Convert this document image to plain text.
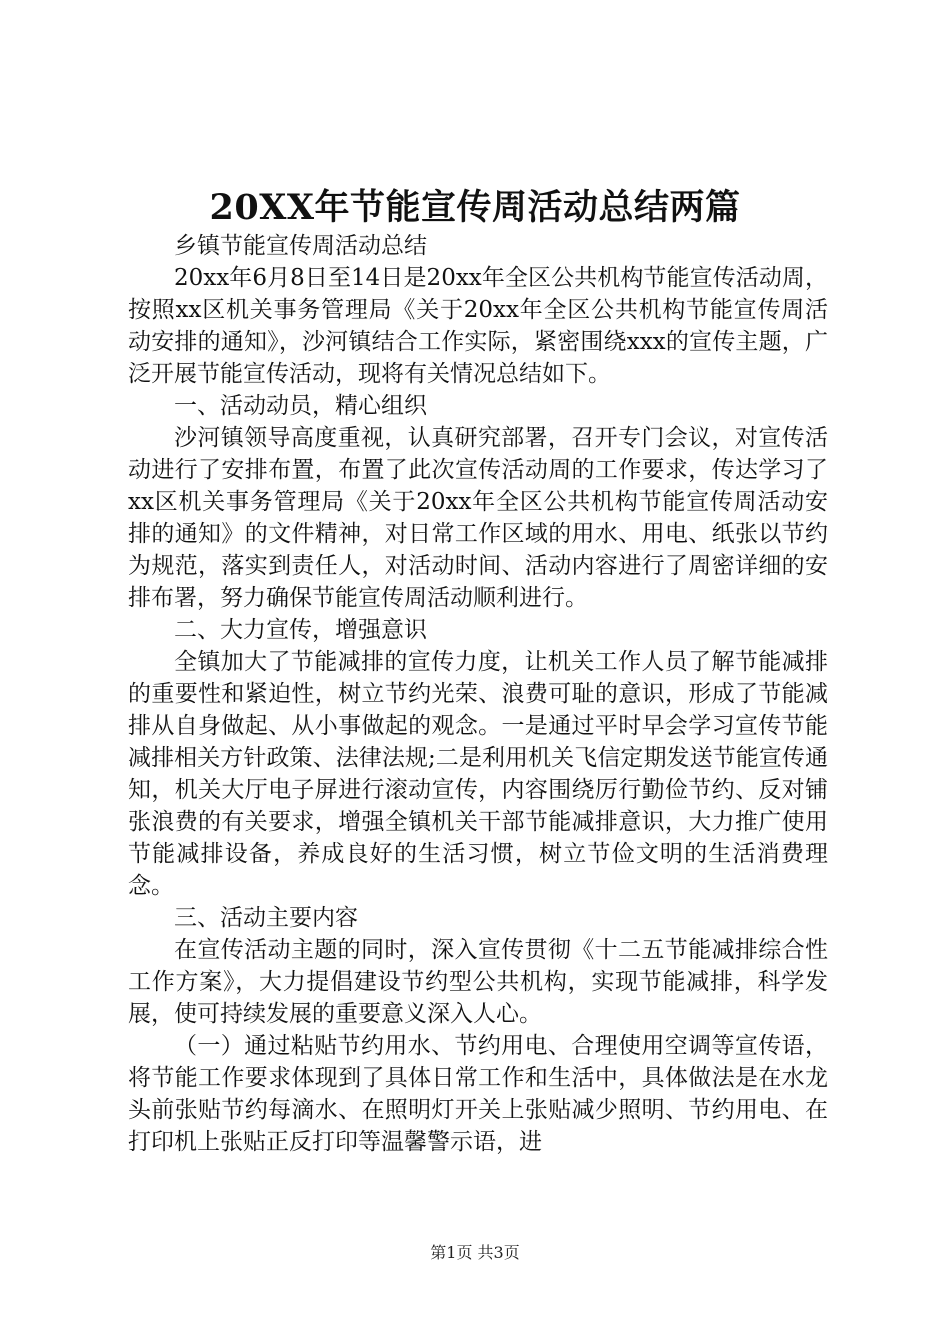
20XX年节能宣传周活动总结两篇

乡镇节能宣传周活动总结

20xx年6月8日至14日是20xx年全区公共机构节能宣传活动周，按照xx区机关事务管理局《关于20xx年全区公共机构节能宣传周活动安排的通知》，沙河镇结合工作实际，紧密围绕xxx的宣传主题，广泛开展节能宣传活动，现将有关情况总结如下。

一、活动动员，精心组织

沙河镇领导高度重视，认真研究部署，召开专门会议，对宣传活动进行了安排布置，布置了此次宣传活动周的工作要求，传达学习了xx区机关事务管理局《关于20xx年全区公共机构节能宣传周活动安排的通知》的文件精神，对日常工作区域的用水、用电、纸张以节约为规范，落实到责任人，对活动时间、活动内容进行了周密详细的安排布署，努力确保节能宣传周活动顺利进行。

二、大力宣传，增强意识

全镇加大了节能减排的宣传力度，让机关工作人员了解节能减排的重要性和紧迫性，树立节约光荣、浪费可耻的意识，形成了节能减排从自身做起、从小事做起的观念。一是通过平时早会学习宣传节能减排相关方针政策、法律法规;二是利用机关飞信定期发送节能宣传通知，机关大厅电子屏进行滚动宣传，内容围绕厉行勤俭节约、反对铺张浪费的有关要求，增强全镇机关干部节能减排意识，大力推广使用节能减排设备，养成良好的生活习惯，树立节俭文明的生活消费理念。

三、活动主要内容

在宣传活动主题的同时，深入宣传贯彻《十二五节能减排综合性工作方案》，大力提倡建设节约型公共机构，实现节能减排，科学发展，使可持续发展的重要意义深入人心。

（一）通过粘贴节约用水、节约用电、合理使用空调等宣传语，将节能工作要求体现到了具体日常工作和生活中，具体做法是在水龙头前张贴节约每滴水、在照明灯开关上张贴减少照明、节约用电、在打印机上张贴正反打印等温馨警示语，进

第1页 共3页
